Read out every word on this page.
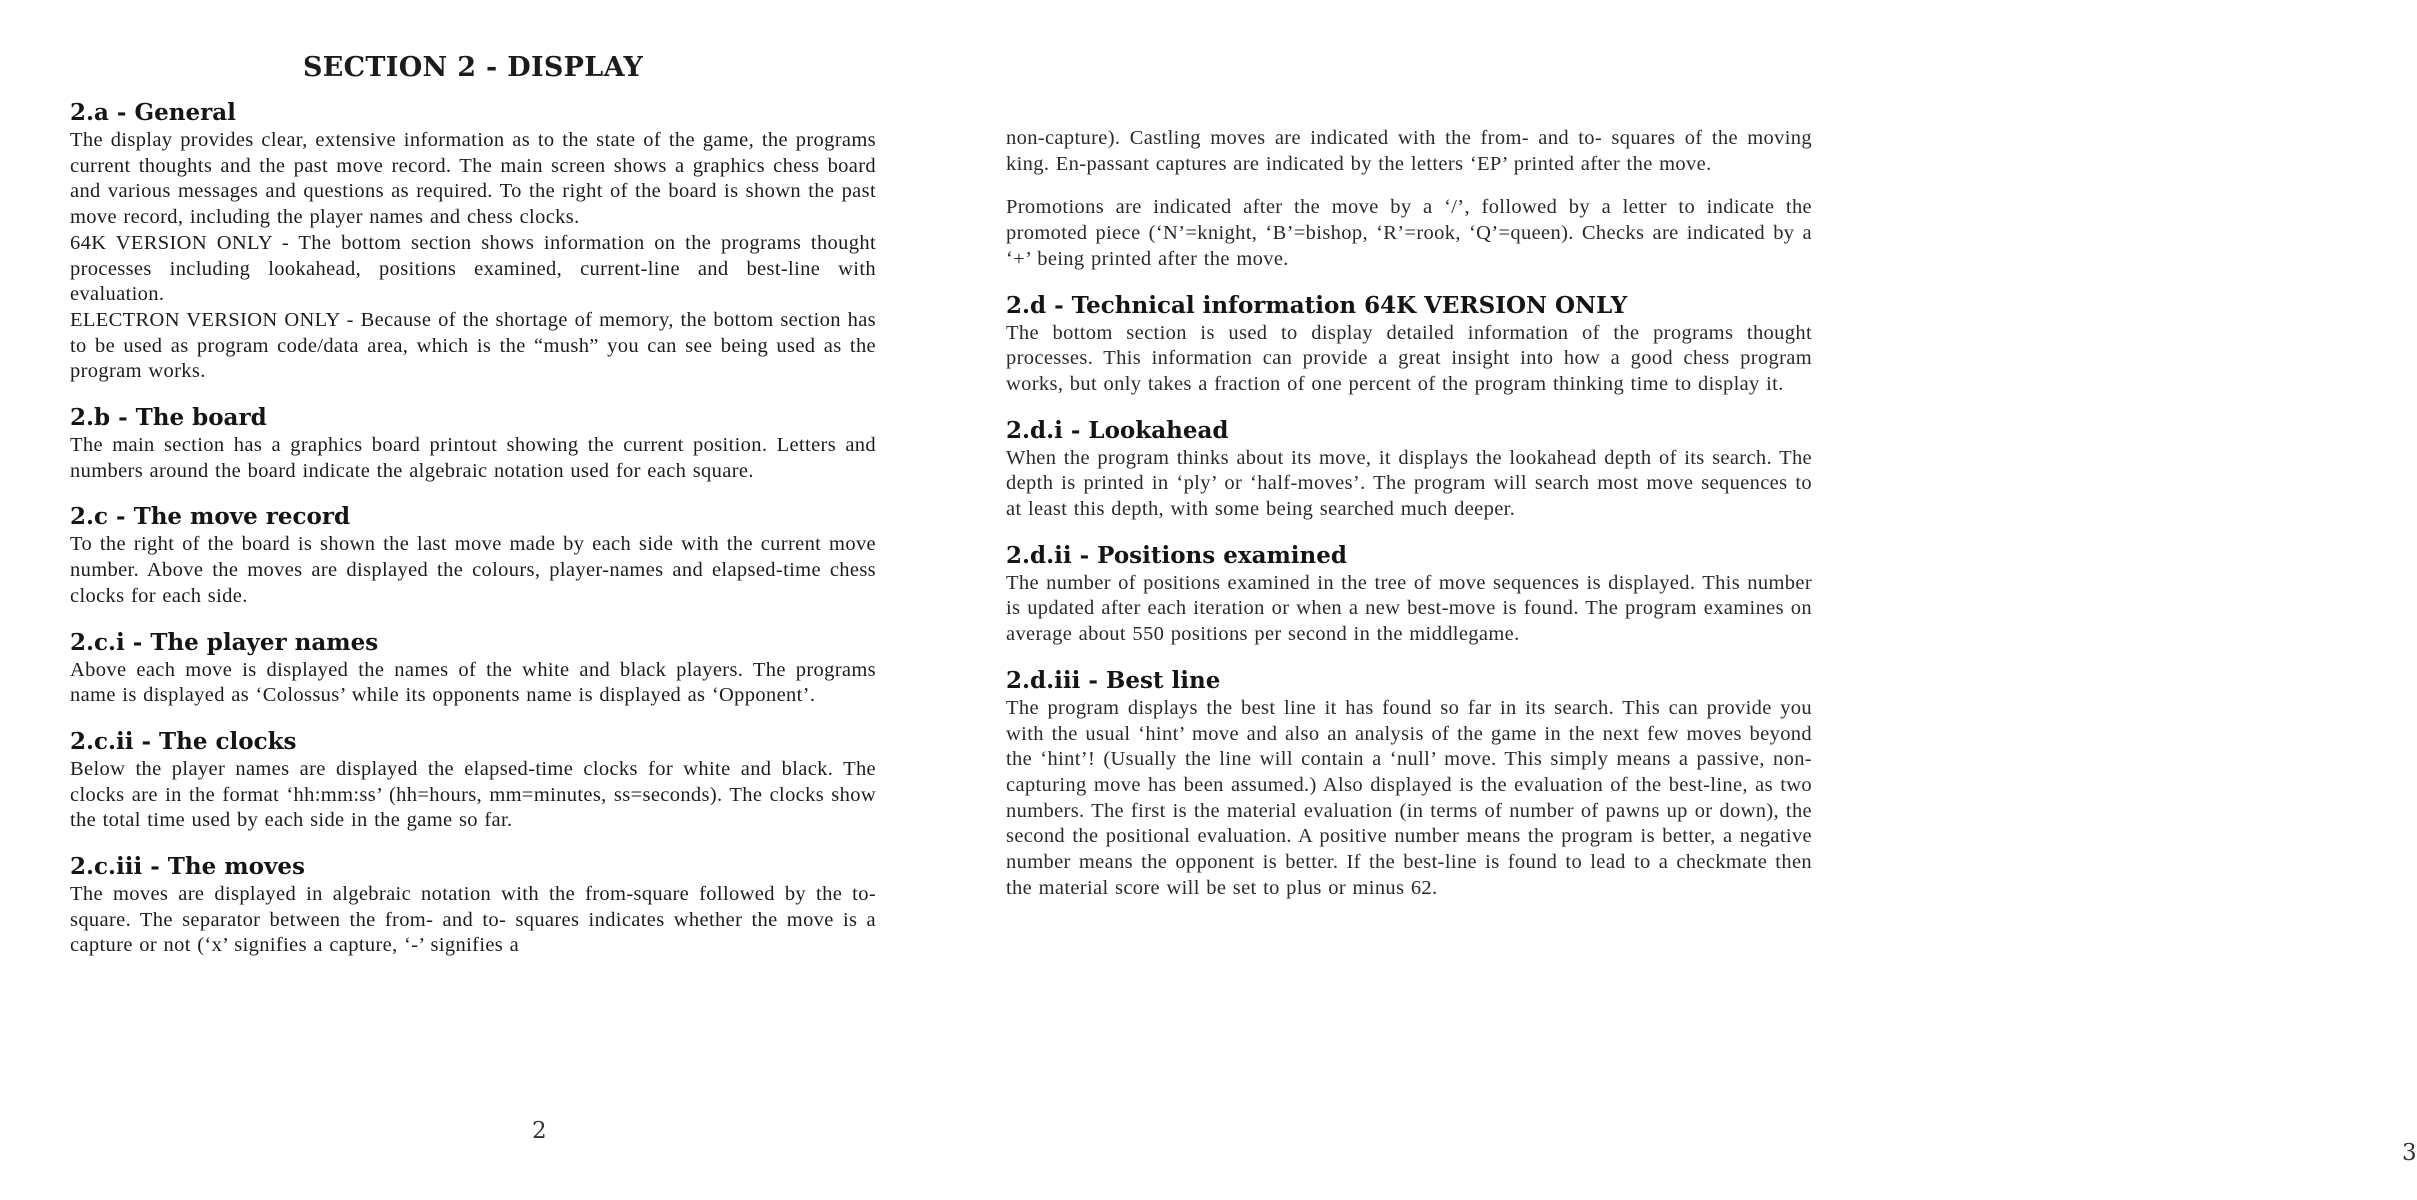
SECTION 2 - DISPLAY
2.a - General

The display provides clear, extensive information as to the state of the game, the programs current thoughts and the past move record. The main screen shows a graphics chess board and various messages and questions as required. To the right of the board is shown the past move record, including the player names and chess clocks.

64K VERSION ONLY - The bottom section shows information on the programs thought processes including lookahead, positions examined, current-line and best-line with evaluation.

ELECTRON VERSION ONLY - Because of the shortage of memory, the bottom section has to be used as program code/data area, which is the “mush” you can see being used as the program works.

2.b - The board

The main section has a graphics board printout showing the current position. Letters and numbers around the board indicate the algebraic notation used for each square.

2.c - The move record

To the right of the board is shown the last move made by each side with the current move number. Above the moves are displayed the colours, player-names and elapsed-time chess clocks for each side.

2.c.i - The player names

Above each move is displayed the names of the white and black players. The programs name is displayed as ‘Colossus’ while its opponents name is displayed as ‘Opponent’.

2.c.ii - The clocks

Below the player names are displayed the elapsed-time clocks for white and black. The clocks are in the format ‘hh:mm:ss’ (hh=hours, mm=minutes, ss=seconds). The clocks show the total time used by each side in the game so far.

2.c.iii - The moves

The moves are displayed in algebraic notation with the from-square followed by the to-square. The separator between the from- and to- squares indicates whether the move is a capture or not (‘x’ signifies a capture, ‘-’ signifies a

2

non-capture). Castling moves are indicated with the from- and to- squares of the moving king. En-passant captures are indicated by the letters ‘EP’ printed after the move.

Promotions are indicated after the move by a ‘/’, followed by a letter to indicate the promoted piece (‘N’=knight, ‘B’=bishop, ‘R’=rook, ‘Q’=queen). Checks are indicated by a ‘+’ being printed after the move.

2.d - Technical information 64K VERSION ONLY

The bottom section is used to display detailed information of the programs thought processes. This information can provide a great insight into how a good chess program works, but only takes a fraction of one percent of the program thinking time to display it.

2.d.i - Lookahead

When the program thinks about its move, it displays the lookahead depth of its search. The depth is printed in ‘ply’ or ‘half-moves’. The program will search most move sequences to at least this depth, with some being searched much deeper.

2.d.ii - Positions examined

The number of positions examined in the tree of move sequences is displayed. This number is updated after each iteration or when a new best-move is found. The program examines on average about 550 positions per second in the middlegame.

2.d.iii - Best line

The program displays the best line it has found so far in its search. This can provide you with the usual ‘hint’ move and also an analysis of the game in the next few moves beyond the ‘hint’! (Usually the line will contain a ‘null’ move. This simply means a passive, non-capturing move has been assumed.) Also displayed is the evaluation of the best-line, as two numbers. The first is the material evaluation (in terms of number of pawns up or down), the second the positional evaluation. A positive number means the program is better, a negative number means the opponent is better. If the best-line is found to lead to a checkmate then the material score will be set to plus or minus 62.

3
